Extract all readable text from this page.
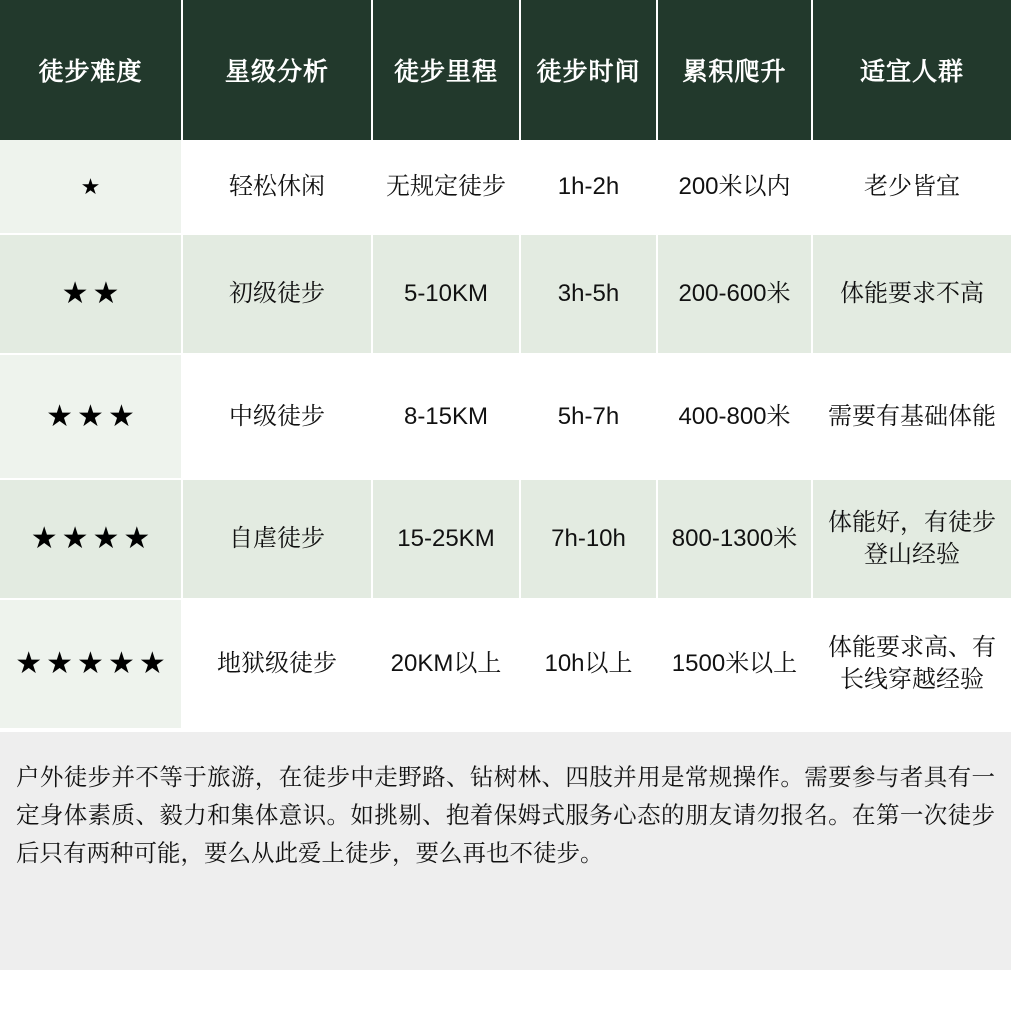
徒步难度	星级分析	徒步里程	徒步时间	累积爬升	适宜人群
★	轻松休闲	无规定徒步	1h-2h	200米以内	老少皆宜
★ ★	初级徒步	5-10KM	3h-5h	200-600米	体能要求不高
★ ★ ★	中级徒步	8-15KM	5h-7h	400-800米	需要有基础体能
★ ★ ★ ★	自虐徒步	15-25KM	7h-10h	800-1300米	体能好，有徒步登山经验
★ ★ ★ ★ ★	地狱级徒步	20KM以上	10h以上	1500米以上	体能要求高、有长线穿越经验

户外徒步并不等于旅游，在徒步中走野路、钻树林、四肢并用是常规操作。需要参与者具有一定身体素质、毅力和集体意识。如挑剔、抱着保姆式服务心态的朋友请勿报名。在第一次徒步后只有两种可能，要么从此爱上徒步，要么再也不徒步。
